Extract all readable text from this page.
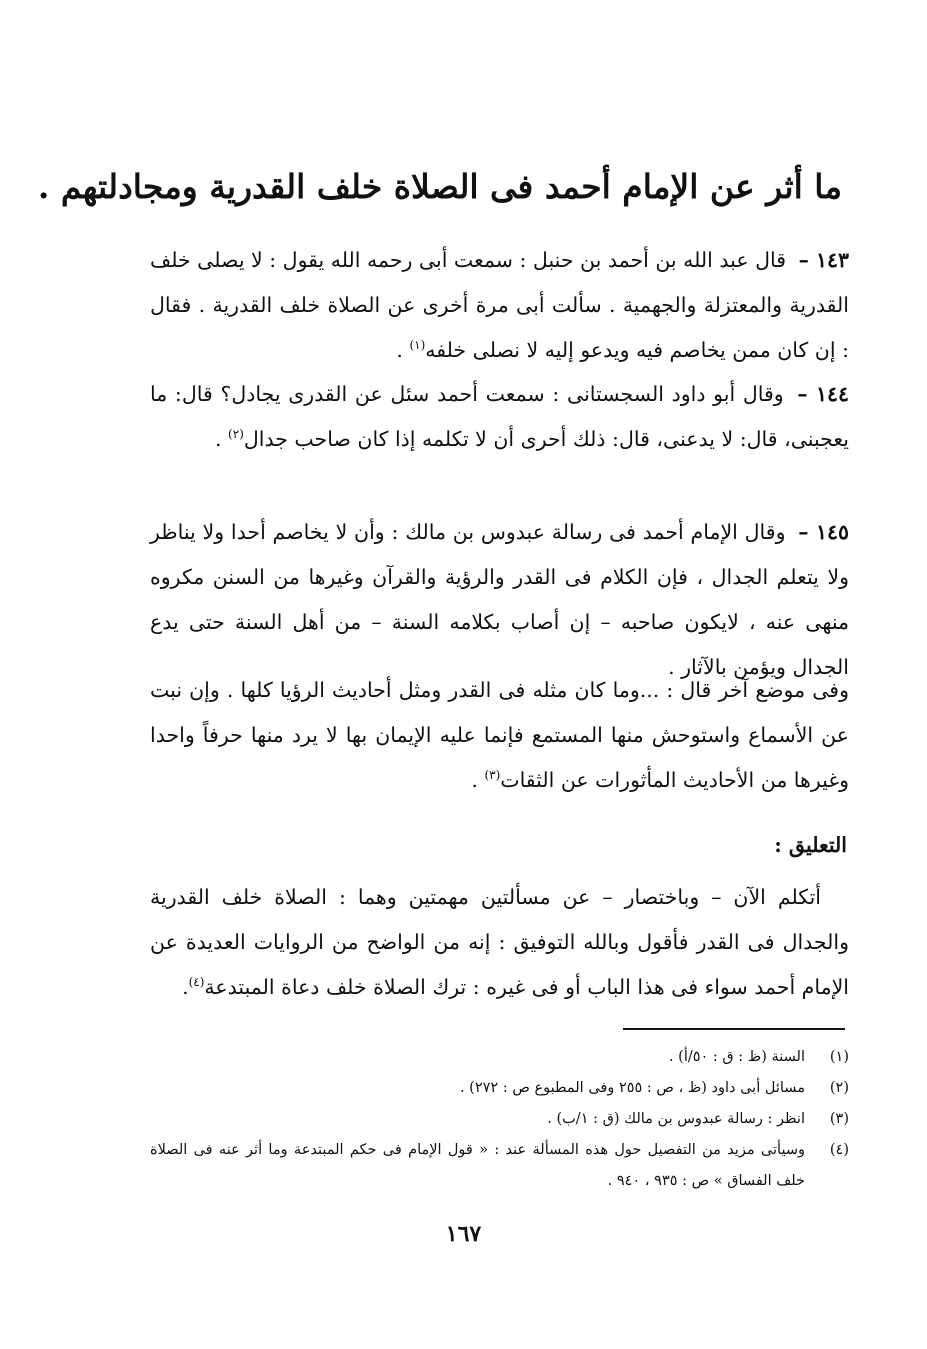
ما أثر عن الإمام أحمد فى الصلاة خلف القدرية ومجادلتهم .
١٤٣ – قال عبد الله بن أحمد بن حنبل : سمعت أبى رحمه الله يقول : لا يصلى خلف القدرية والمعتزلة والجهمية . سألت أبى مرة أخرى عن الصلاة خلف القدرية . فقال : إن كان ممن يخاصم فيه ويدعو إليه لا نصلى خلفه$^{(١)}$ .
١٤٤ – وقال أبو داود السجستانى : سمعت أحمد سئل عن القدرى يجادل؟ قال: ما يعجبنى، قال: لا يدعنى، قال: ذلك أحرى أن لا تكلمه إذا كان صاحب جدال$^{(٢)}$ .
١٤٥ – وقال الإمام أحمد فى رسالة عبدوس بن مالك : وأن لا يخاصم أحدا ولا يناظر ولا يتعلم الجدال ، فإن الكلام فى القدر والرؤية والقرآن وغيرها من السنن مكروه منهى عنه ، لايكون صاحبه – إن أصاب بكلامه السنة – من أهل السنة حتى يدع الجدال ويؤمن بالآثار .
وفى موضع آخر قال : ...وما كان مثله فى القدر ومثل أحاديث الرؤيا كلها . وإن نبت عن الأسماع واستوحش منها المستمع فإنما عليه الإيمان بها لا يرد منها حرفاً واحدا وغيرها من الأحاديث المأثورات عن الثقات$^{(٣)}$ .
التعليق :
أتكلم الآن – وباختصار – عن مسألتين مهمتين وهما : الصلاة خلف القدرية والجدال فى القدر فأقول وبالله التوفيق : إنه من الواضح من الروايات العديدة عن الإمام أحمد سواء فى هذا الباب أو فى غيره : ترك الصلاة خلف دعاة المبتدعة$^{(٤)}$.
(١)
السنة (ظ : ق : ٥٠/أ) .
(٢)
مسائل أبى داود (ظ ، ص : ٢٥٥ وفى المطبوع ص : ٢٧٢) .
(٣)
انظر : رسالة عبدوس بن مالك (ق : ١/ب) .
(٤)
وسيأتى مزيد من التفصيل حول هذه المسألة عند : « قول الإمام فى حكم المبتدعة وما أثر عنه فى الصلاة خلف الفساق » ص : ٩٣٥ ، ٩٤٠ .
١٦٧
